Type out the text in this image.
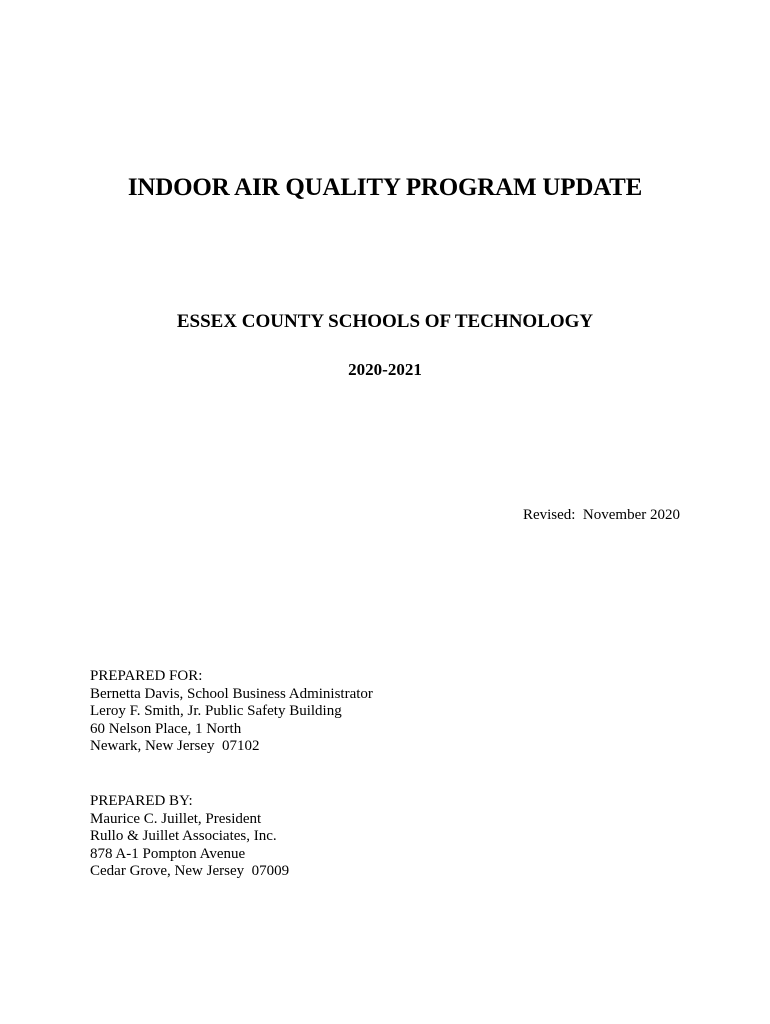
INDOOR AIR QUALITY PROGRAM UPDATE
ESSEX COUNTY SCHOOLS OF TECHNOLOGY
2020-2021
Revised:  November 2020
PREPARED FOR:
Bernetta Davis, School Business Administrator
Leroy F. Smith, Jr. Public Safety Building
60 Nelson Place, 1 North
Newark, New Jersey  07102
PREPARED BY:
Maurice C. Juillet, President
Rullo & Juillet Associates, Inc.
878 A-1 Pompton Avenue
Cedar Grove, New Jersey  07009
